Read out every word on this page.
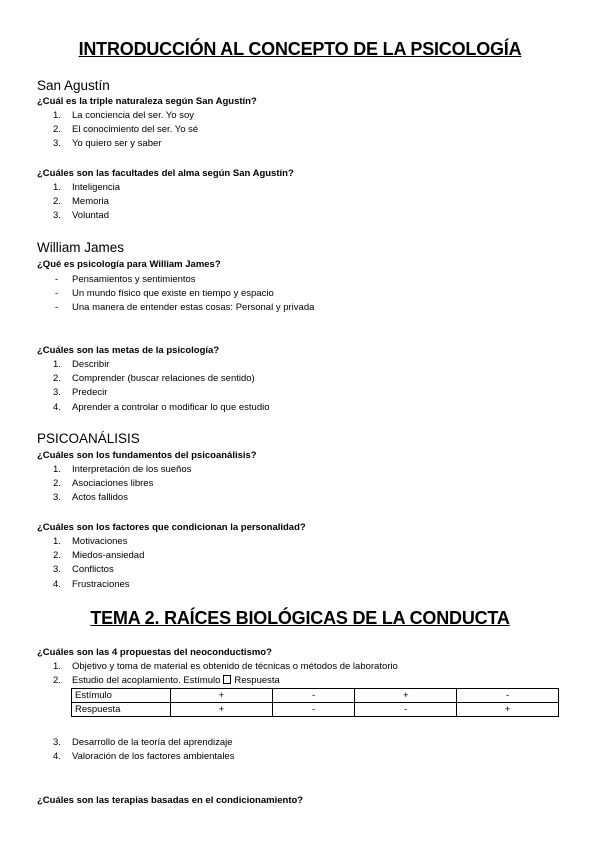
INTRODUCCIÓN AL CONCEPTO DE LA PSICOLOGÍA
San Agustín
¿Cuál es la triple naturaleza según San Agustín?
1. La conciencia del ser. Yo soy
2. El conocimiento del ser. Yo sé
3. Yo quiero ser y saber
¿Cuáles son las facultades del alma según San Agustín?
1. Inteligencia
2. Memoria
3. Voluntad
William James
¿Qué es psicología para William James?
- Pensamientos y sentimientos
- Un mundo físico que existe en tiempo y espacio
- Una manera de entender estas cosas: Personal y privada
¿Cuáles son las metas de la psicología?
1. Describir
2. Comprender (buscar relaciones de sentido)
3. Predecir
4. Aprender a controlar o modificar lo que estudio
PSICOANÁLISIS
¿Cuáles son los fundamentos del psicoanálisis?
1. Interpretación de los sueños
2. Asociaciones libres
3. Actos fallidos
¿Cuáles son los factores que condicionan la personalidad?
1. Motivaciones
2. Miedos-ansiedad
3. Conflictos
4. Frustraciones
TEMA 2. RAÍCES BIOLÓGICAS DE LA CONDUCTA
¿Cuáles son las 4 propuestas del neoconductismo?
1. Objetivo y toma de material es obtenido de técnicas o métodos de laboratorio
2. Estudio del acoplamiento. Estímulo Respuesta
Estímulo	+	-	+	-
Respuesta	+	-	-	+
3. Desarrollo de la teoría del aprendizaje
4. Valoración de los factores ambientales
¿Cuáles son las terapias basadas en el condicionamiento?
